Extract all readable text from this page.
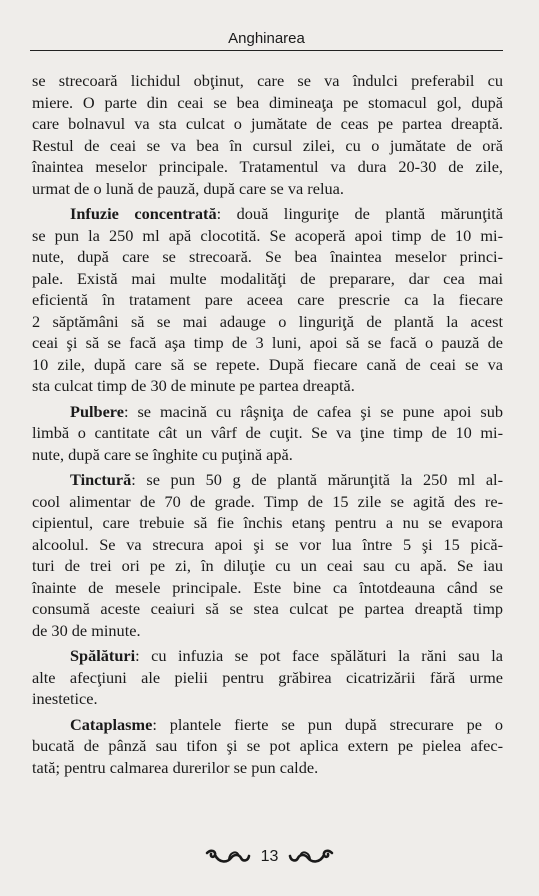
Anghinarea
se strecoară lichidul obţinut, care se va îndulci preferabil cu
miere. O parte din ceai se bea dimineaţa pe stomacul gol, după
care bolnavul va sta culcat o jumătate de ceas pe partea dreaptă.
Restul de ceai se va bea în cursul zilei, cu o jumătate de oră
înaintea meselor principale. Tratamentul va dura 20-30 de zile,
urmat de o lună de pauză, după care se va relua.
Infuzie concentrată: două linguriţe de plantă mărunţită
se pun la 250 ml apă clocotită. Se acoperă apoi timp de 10 mi-
nute, după care se strecoară. Se bea înaintea meselor princi-
pale. Există mai multe modalităţi de preparare, dar cea mai
eficientă în tratament pare aceea care prescrie ca la fiecare
2 săptămâni să se mai adauge o linguriţă de plantă la acest
ceai şi să se facă aşa timp de 3 luni, apoi să se facă o pauză de
10 zile, după care să se repete. După fiecare cană de ceai se va
sta culcat timp de 30 de minute pe partea dreaptă.
Pulbere: se macină cu râşniţa de cafea şi se pune apoi sub
limbă o cantitate cât un vârf de cuţit. Se va ţine timp de 10 mi-
nute, după care se înghite cu puţină apă.
Tinctură: se pun 50 g de plantă mărunţită la 250 ml al-
cool alimentar de 70 de grade. Timp de 15 zile se agită des re-
cipientul, care trebuie să fie închis etanş pentru a nu se evapora
alcoolul. Se va strecura apoi şi se vor lua între 5 şi 15 pică-
turi de trei ori pe zi, în diluţie cu un ceai sau cu apă. Se iau
înainte de mesele principale. Este bine ca întotdeauna când se
consumă aceste ceaiuri să se stea culcat pe partea dreaptă timp
de 30 de minute.
Spălături: cu infuzia se pot face spălături la răni sau la
alte afecţiuni ale pielii pentru grăbirea cicatrizării fără urme
inestetice.
Cataplasme: plantele fierte se pun după strecurare pe o
bucată de pânză sau tifon şi se pot aplica extern pe pielea afec-
tată; pentru calmarea durerilor se pun calde.
13
